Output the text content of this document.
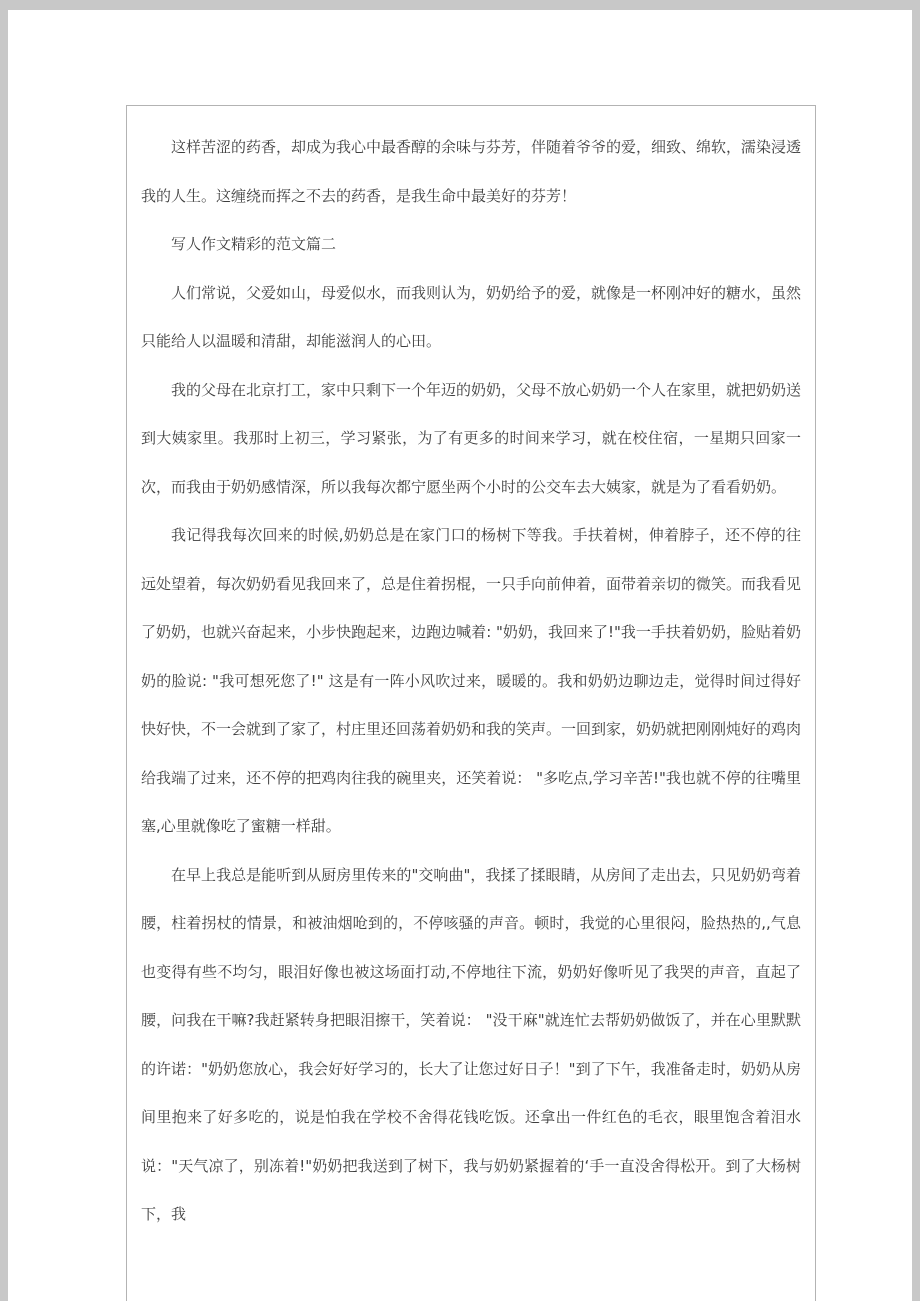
这样苦涩的药香，却成为我心中最香醇的余味与芬芳，伴随着爷爷的爱，细致、绵软，濡染浸透我的人生。这缠绕而挥之不去的药香，是我生命中最美好的芬芳！

写人作文精彩的范文篇二

人们常说，父爱如山，母爱似水，而我则认为，奶奶给予的爱，就像是一杯刚冲好的糖水，虽然只能给人以温暖和清甜，却能滋润人的心田。

我的父母在北京打工，家中只剩下一个年迈的奶奶，父母不放心奶奶一个人在家里，就把奶奶送到大姨家里。我那时上初三，学习紧张，为了有更多的时间来学习，就在校住宿，一星期只回家一次，而我由于奶奶感情深，所以我每次都宁愿坐两个小时的公交车去大姨家，就是为了看看奶奶。

我记得我每次回来的时候,奶奶总是在家门口的杨树下等我。手扶着树，伸着脖子，还不停的往远处望着，每次奶奶看见我回来了，总是住着拐棍，一只手向前伸着，面带着亲切的微笑。而我看见了奶奶，也就兴奋起来，小步快跑起来，边跑边喊着: "奶奶，我回来了!"我一手扶着奶奶，脸贴着奶奶的脸说: "我可想死您了!" 这是有一阵小风吹过来，暖暖的。我和奶奶边聊边走，觉得时间过得好快好快，不一会就到了家了，村庄里还回荡着奶奶和我的笑声。一回到家，奶奶就把刚刚炖好的鸡肉给我端了过来，还不停的把鸡肉往我的碗里夹，还笑着说： "多吃点,学习辛苦!"我也就不停的往嘴里塞,心里就像吃了蜜糖一样甜。

在早上我总是能听到从厨房里传来的"交响曲"，我揉了揉眼睛，从房间了走出去，只见奶奶弯着腰，柱着拐杖的情景，和被油烟呛到的，不停咳骚的声音。顿时，我觉的心里很闷，脸热热的,,气息也变得有些不均匀，眼泪好像也被这场面打动,不停地往下流，奶奶好像听见了我哭的声音，直起了腰，问我在干嘛?我赶紧转身把眼泪擦干，笑着说： "没干麻"就连忙去帮奶奶做饭了，并在心里默默的许诺："奶奶您放心，我会好好学习的，长大了让您过好日子！"到了下午，我准备走时，奶奶从房间里抱来了好多吃的，说是怕我在学校不舍得花钱吃饭。还拿出一件红色的毛衣，眼里饱含着泪水说："天气凉了，别冻着!"奶奶把我送到了树下，我与奶奶紧握着的‘手一直没舍得松开。到了大杨树下，我
